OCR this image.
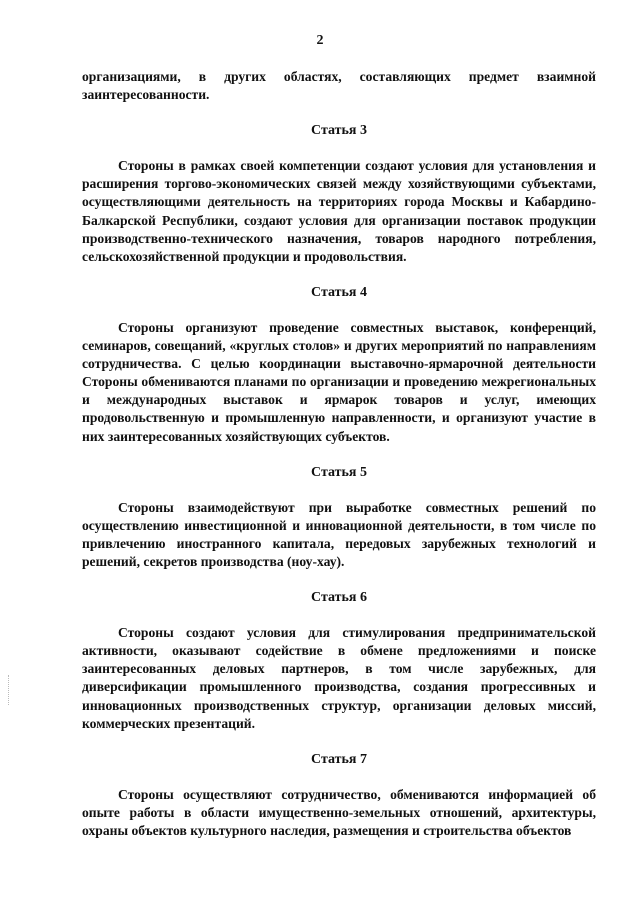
2

организациями, в других областях, составляющих предмет взаимной заинтересованности.

Статья 3

Стороны в рамках своей компетенции создают условия для установления и расширения торгово-экономических связей между хозяйствующими субъектами, осуществляющими деятельность на территориях города Москвы и Кабардино-Балкарской Республики, создают условия для организации поставок продукции производственно-технического назначения, товаров народного потребления, сельскохозяйственной продукции и продовольствия.

Статья 4

Стороны организуют проведение совместных выставок, конференций, семинаров, совещаний, «круглых столов» и других мероприятий по направлениям сотрудничества. С целью координации выставочно-ярмарочной деятельности Стороны обмениваются планами по организации и проведению межрегиональных и международных выставок и ярмарок товаров и услуг, имеющих продовольственную и промышленную направленности, и организуют участие в них заинтересованных хозяйствующих субъектов.

Статья 5

Стороны взаимодействуют при выработке совместных решений по осуществлению инвестиционной и инновационной деятельности, в том числе по привлечению иностранного капитала, передовых зарубежных технологий и решений, секретов производства (ноу-хау).

Статья 6

Стороны создают условия для стимулирования предпринимательской активности, оказывают содействие в обмене предложениями и поиске заинтересованных деловых партнеров, в том числе зарубежных, для диверсификации промышленного производства, создания прогрессивных и инновационных производственных структур, организации деловых миссий, коммерческих презентаций.

Статья 7

Стороны осуществляют сотрудничество, обмениваются информацией об опыте работы в области имущественно-земельных отношений, архитектуры, охраны объектов культурного наследия, размещения и строительства объектов
